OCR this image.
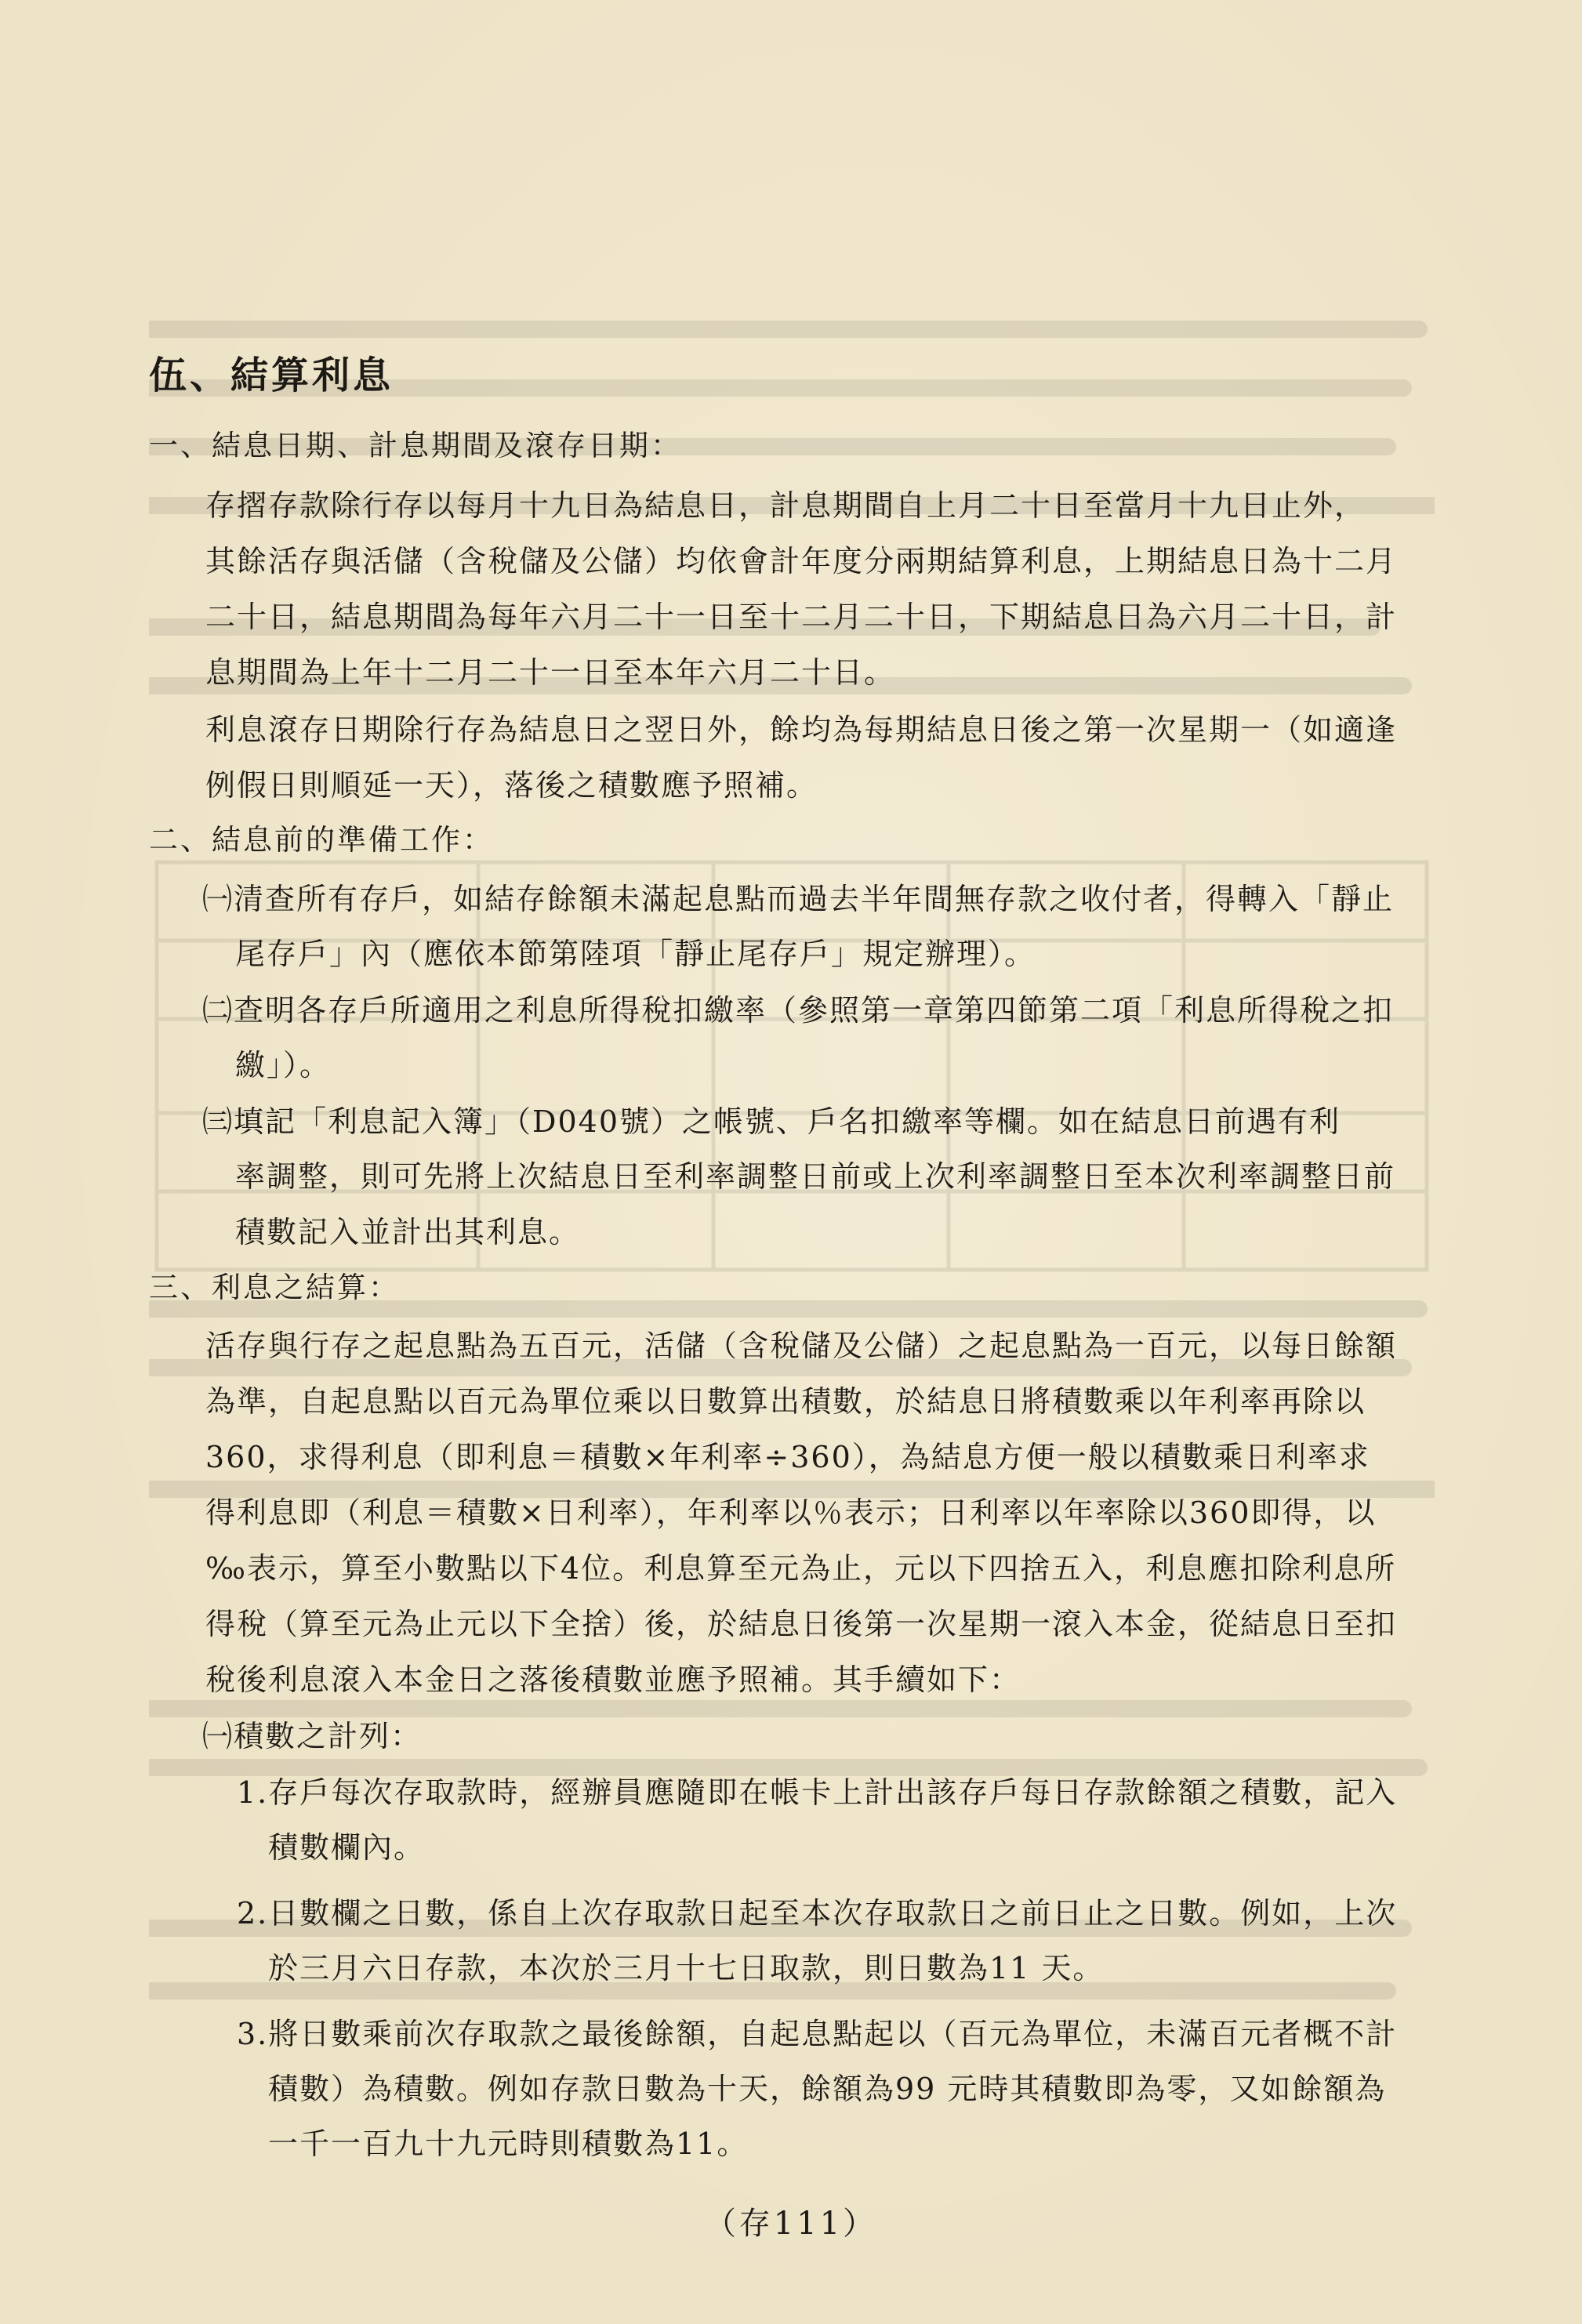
伍、結算利息
一、結息日期、計息期間及滾存日期：
存摺存款除行存以每月十九日為結息日，計息期間自上月二十日至當月十九日止外，
其餘活存與活儲（含稅儲及公儲）均依會計年度分兩期結算利息，上期結息日為十二月
二十日，結息期間為每年六月二十一日至十二月二十日，下期結息日為六月二十日，計
息期間為上年十二月二十一日至本年六月二十日。
利息滾存日期除行存為結息日之翌日外，餘均為每期結息日後之第一次星期一（如適逢
例假日則順延一天），落後之積數應予照補。
二、結息前的準備工作：
㈠清查所有存戶，如結存餘額未滿起息點而過去半年間無存款之收付者，得轉入「靜止
尾存戶」內（應依本節第陸項「靜止尾存戶」規定辦理）。
㈡查明各存戶所適用之利息所得稅扣繳率（參照第一章第四節第二項「利息所得稅之扣
繳」）。
㈢填記「利息記入簿」（D040號）之帳號、戶名扣繳率等欄。如在結息日前遇有利
率調整，則可先將上次結息日至利率調整日前或上次利率調整日至本次利率調整日前
積數記入並計出其利息。
三、利息之結算：
活存與行存之起息點為五百元，活儲（含稅儲及公儲）之起息點為一百元，以每日餘額
為準，自起息點以百元為單位乘以日數算出積數，於結息日將積數乘以年利率再除以
360，求得利息（即利息＝積數×年利率÷360），為結息方便一般以積數乘日利率求
得利息即（利息＝積數×日利率），年利率以％表示；日利率以年率除以360即得，以
‰表示，算至小數點以下4位。利息算至元為止，元以下四捨五入，利息應扣除利息所
得稅（算至元為止元以下全捨）後，於結息日後第一次星期一滾入本金，從結息日至扣
稅後利息滾入本金日之落後積數並應予照補。其手續如下：
㈠積數之計列：
1.存戶每次存取款時，經辦員應隨即在帳卡上計出該存戶每日存款餘額之積數，記入
積數欄內。
2.日數欄之日數，係自上次存取款日起至本次存取款日之前日止之日數。例如，上次
於三月六日存款，本次於三月十七日取款，則日數為11 天。
3.將日數乘前次存取款之最後餘額，自起息點起以（百元為單位，未滿百元者概不計
積數）為積數。例如存款日數為十天，餘額為99 元時其積數即為零，又如餘額為
一千一百九十九元時則積數為11。
（存111）
